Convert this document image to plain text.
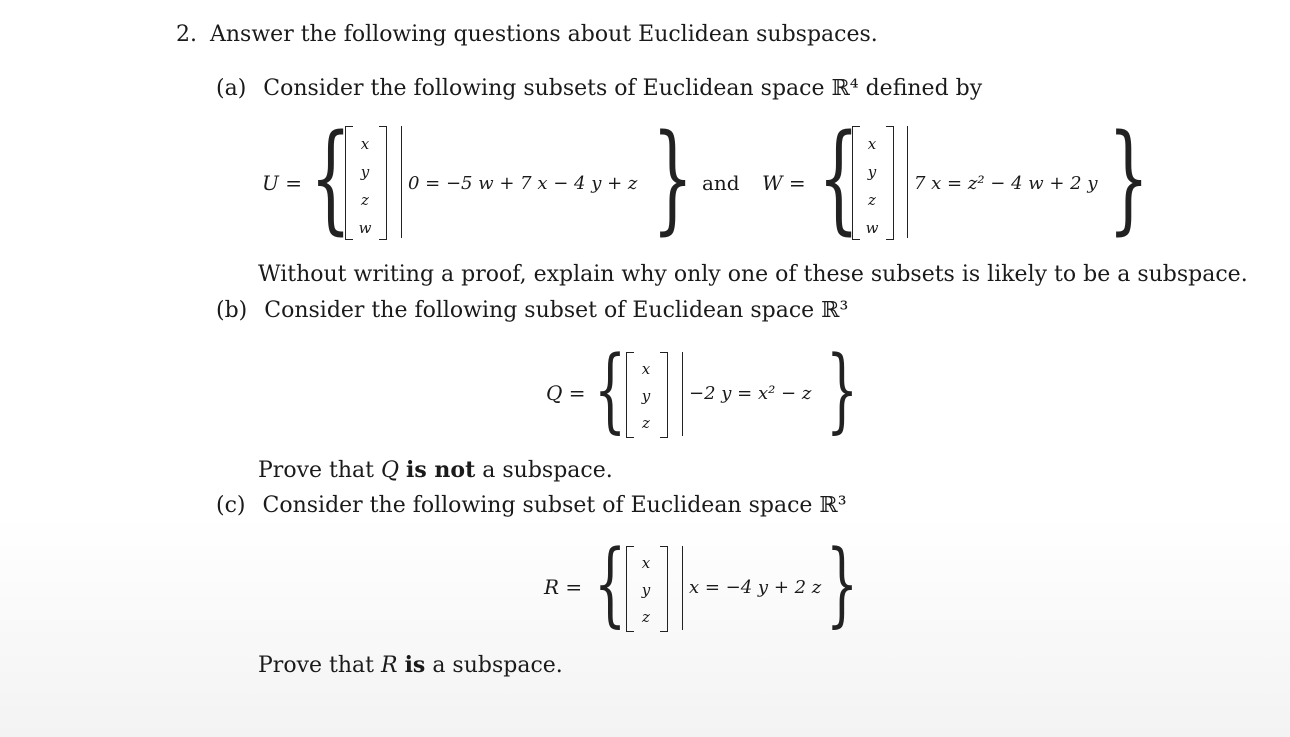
2. Answer the following questions about Euclidean subspaces.
(a) Consider the following subsets of Euclidean space ℝ⁴ defined by
U = { x
y
z
w
0 = −5 w + 7 x − 4 y + z } and W = { x
y
z
w
7 x = z² − 4 w + 2 y }
Without writing a proof, explain why only one of these subsets is likely to be a subspace.
(b) Consider the following subset of Euclidean space ℝ³
Q = {	x
y
z
−2 y = x² − z }
Prove that Q is not a subspace.
(c) Consider the following subset of Euclidean space ℝ³
R = {	x
y
z
x = −4 y + 2 z }
Prove that R is a subspace.
